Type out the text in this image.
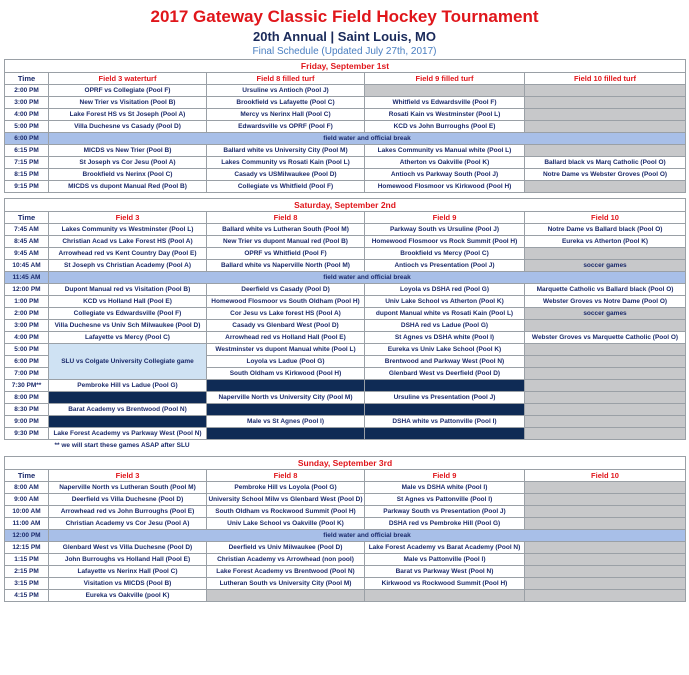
2017 Gateway Classic Field Hockey Tournament
20th Annual | Saint Louis, MO
Final Schedule (Updated July 27th, 2017)
Friday, September 1st				
Time	Field 3 waterturf	Field 8 filled turf	Field 9 filled turf	Field 10 filled turf
2:00 PM	OPRF vs Collegiate (Pool F)	Ursuline vs Antioch (Pool J)		
3:00 PM	New Trier vs Visitation (Pool B)	Brookfield vs Lafayette (Pool C)	Whitfield vs Edwardsville (Pool F)	
4:00 PM	Lake Forest HS vs St Joseph (Pool A)	Mercy vs Nerinx Hall (Pool C)	Rosati Kain vs Westminster (Pool L)	
5:00 PM	Villa Duchesne vs Casady (Pool D)	Edwardsville vs OPRF (Pool F)	KCD vs John Burroughs (Pool E)	
6:00 PM	field water and official break			
6:15 PM	MICDS vs New Trier (Pool B)	Ballard white vs University City (Pool M)	Lakes Community vs Manual white (Pool L)	
7:15 PM	St Joseph vs Cor Jesu (Pool A)	Lakes Community vs Rosati Kain (Pool L)	Atherton vs Oakville (Pool K)	Ballard black vs Marq Catholic (Pool O)
8:15 PM	Brookfield vs Nerinx (Pool C)	Casady vs USMilwaukee (Pool D)	Antioch vs Parkway South (Pool J)	Notre Dame vs Webster Groves (Pool O)
9:15 PM	MICDS vs dupont Manual Red (Pool B)	Collegiate vs Whitfield (Pool F)	Homewood Flosmoor vs Kirkwood (Pool H)	

Saturday, September 2nd				
Time	Field 3	Field 8	Field 9	Field 10
7:45 AM	Lakes Community vs Westminster (Pool L)	Ballard white vs Lutheran South (Pool M)	Parkway South vs Ursuline (Pool J)	Notre Dame vs Ballard black (Pool O)
8:45 AM	Christian Acad vs Lake Forest HS (Pool A)	New Trier vs dupont Manual red (Pool B)	Homewood Flosmoor vs Rock Summit (Pool H)	Eureka vs Atherton (Pool K)
9:45 AM	Arrowhead red vs Kent Country Day (Pool E)	OPRF vs Whitfield (Pool F)	Brookfield vs Mercy (Pool C)	
10:45 AM	St Joseph vs Christian Academy (Pool A)	Ballard white vs Naperville North (Pool M)	Antioch vs Presentation (Pool J)	soccer games
11:45 AM	field water and official break			
12:00 PM	Dupont Manual red vs Visitation (Pool B)	Deerfield vs Casady (Pool D)	Loyola vs DSHA red (Pool G)	Marquette Catholic vs Ballard black (Pool O)
1:00 PM	KCD vs Holland Hall (Pool E)	Homewood Flosmoor vs South Oldham (Pool H)	Univ Lake School vs Atherton (Pool K)	Webster Groves vs Notre Dame (Pool O)
2:00 PM	Collegiate vs Edwardsville (Pool F)	Cor Jesu vs Lake forest HS (Pool A)	dupont Manual white vs Rosati Kain (Pool L)	soccer games
3:00 PM	Villa Duchesne vs Univ Sch Milwaukee (Pool D)	Casady vs Glenbard West (Pool D)	DSHA red vs Ladue (Pool G)	
4:00 PM	Lafayette vs Mercy (Pool C)	Arrowhead red vs Holland Hall (Pool E)	St Agnes vs DSHA white (Pool I)	Webster Groves vs Marquette Catholic (Pool O)
5:00 PM	SLU vs Colgate University Collegiate game	Westminster vs dupont Manual white (Pool L)	Eureka vs Univ Lake School (Pool K)	
6:00 PM		Loyola vs Ladue (Pool G)	Brentwood and Parkway West (Pool N)	
7:00 PM		South Oldham vs Kirkwood (Pool H)	Glenbard West vs Deerfield (Pool D)	
7:30 PM**	Pembroke Hill vs Ladue (Pool G)			
8:00 PM		Naperville North vs University City (Pool M)	Ursuline vs Presentation (Pool J)	
8:30 PM	Barat Academy vs Brentwood (Pool N)			
9:00 PM		Male vs St Agnes (Pool I)	DSHA white vs Pattonville (Pool I)	
9:30 PM	Lake Forest Academy vs Parkway West (Pool N)			
** we will start these games ASAP after SLU				

Sunday, September 3rd				
Time	Field 3	Field 8	Field 9	Field 10
8:00 AM	Naperville North vs Lutheran South (Pool M)	Pembroke Hill vs Loyola (Pool G)	Male vs DSHA white (Pool I)	
9:00 AM	Deerfield vs Villa Duchesne (Pool D)	University School Milw vs Glenbard West (Pool D)	St Agnes vs Pattonville (Pool I)	
10:00 AM	Arrowhead red vs John Burroughs (Pool E)	South Oldham vs Rockwood Summit (Pool H)	Parkway South vs Presentation (Pool J)	
11:00 AM	Christian Academy vs Cor Jesu (Pool A)	Univ Lake School vs Oakville (Pool K)	DSHA red vs Pembroke Hill (Pool G)	
12:00 PM	field water and official break			
12:15 PM	Glenbard West vs Villa Duchesne (Pool D)	Deerfield vs Univ Milwaukee (Pool D)	Lake Forest Academy vs Barat Academy (Pool N)	
1:15 PM	John Burroughs vs Holland Hall (Pool E)	Christian Academy vs Arrowhead (non pool)	Male vs Pattonville (Pool I)	
2:15 PM	Lafayette vs Nerinx Hall (Pool C)	Lake Forest Academy vs Brentwood (Pool N)	Barat vs Parkway West (Pool N)	
3:15 PM	Visitation vs MICDS (Pool B)	Lutheran South vs University City (Pool M)	Kirkwood vs Rockwood Summit (Pool H)	
4:15 PM	Eureka vs Oakville (pool K)			
